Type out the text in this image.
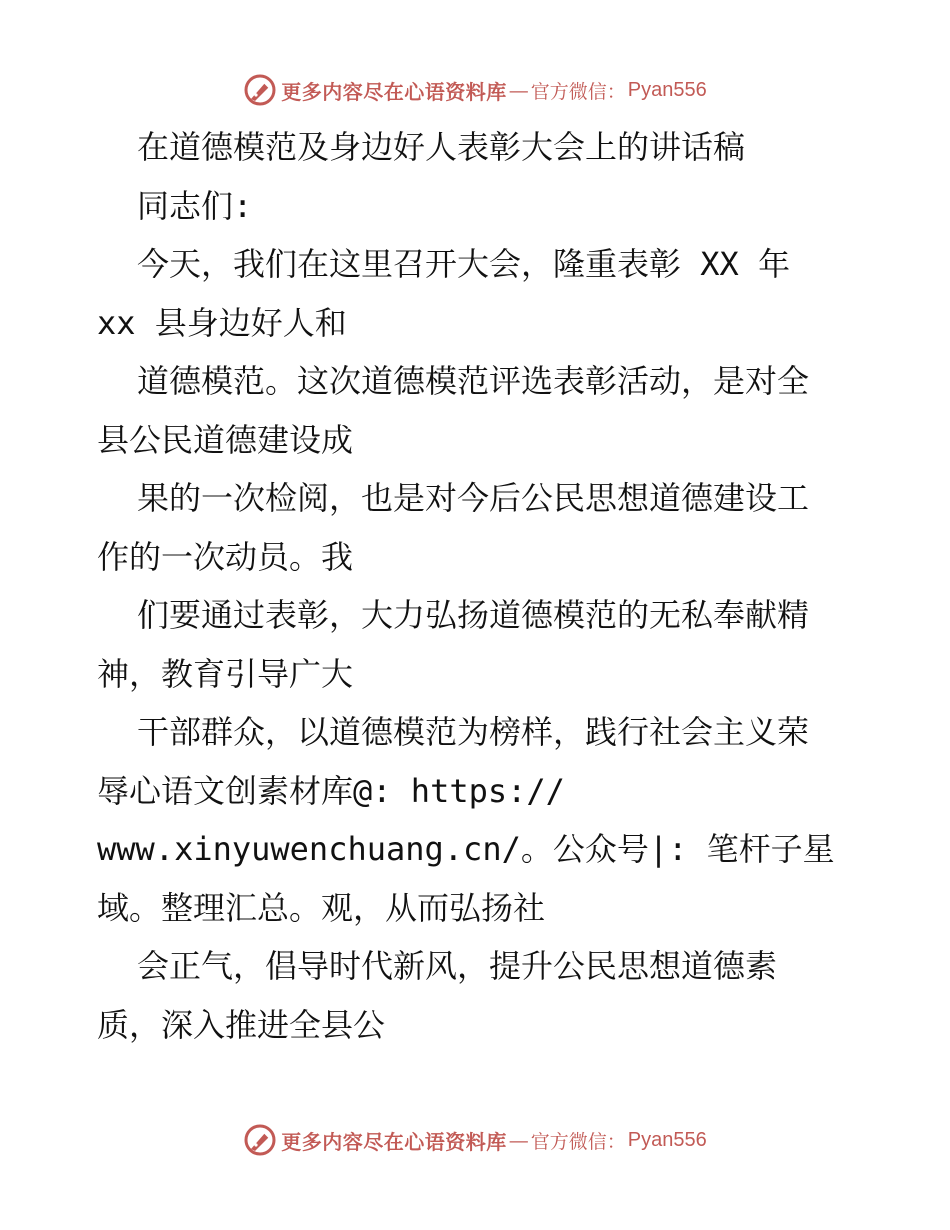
更多内容尽在心语资料库 — 官方微信： Pyan556
在道德模范及身边好人表彰大会上的讲话稿
同志们:
今天，我们在这里召开大会，隆重表彰 XX 年
xx 县身边好人和
道德模范。这次道德模范评选表彰活动，是对全
县公民道德建设成
果的一次检阅，也是对今后公民思想道德建设工
作的一次动员。我
们要通过表彰，大力弘扬道德模范的无私奉献精
神，教育引导广大
干部群众，以道德模范为榜样，践行社会主义荣
辱心语文创素材库@: https://
www.xinyuwenchuang.cn/。公众号|: 笔杆子星
域。整理汇总。观，从而弘扬社
会正气，倡导时代新风，提升公民思想道德素
质，深入推进全县公
更多内容尽在心语资料库 — 官方微信： Pyan556
